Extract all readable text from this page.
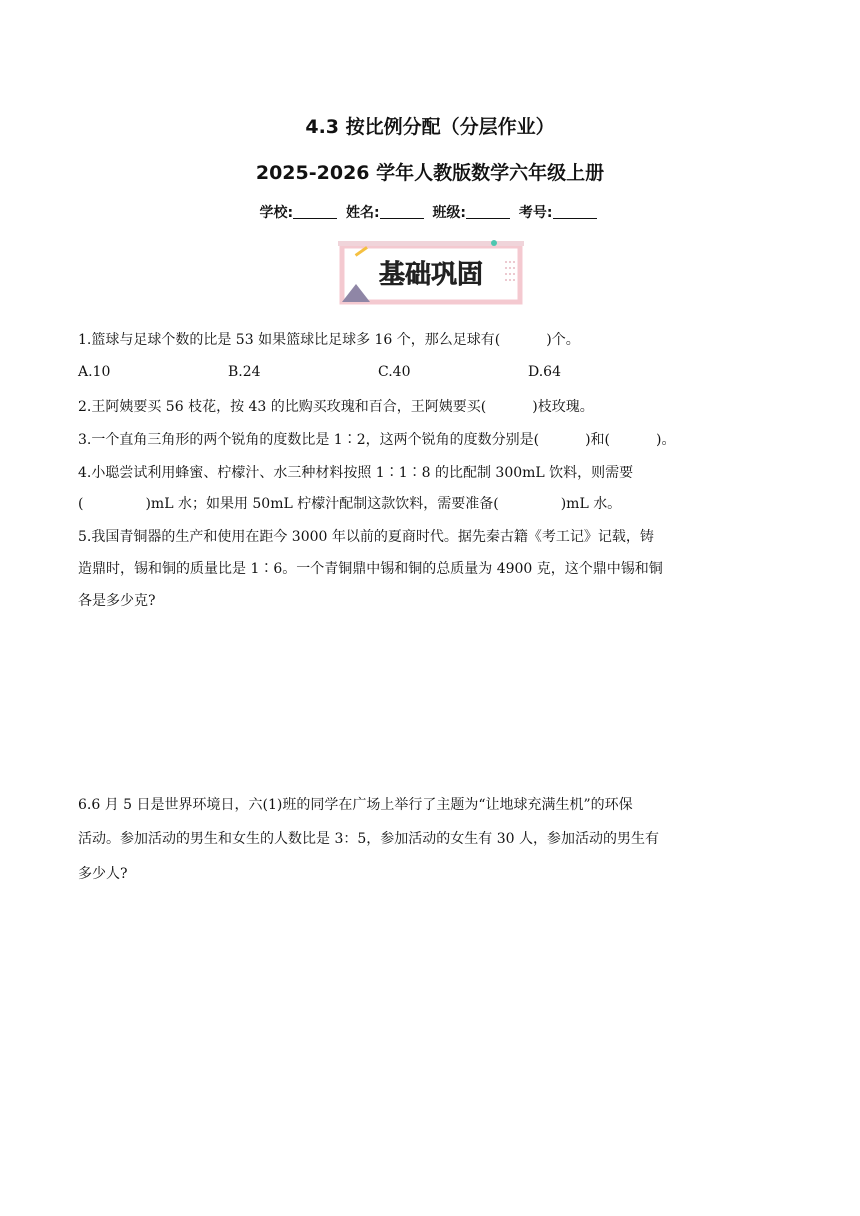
4.3 按比例分配（分层作业）
2025-2026 学年人教版数学六年级上册
学校:	姓名:	班级:	考号:
基础巩固
1.篮球与足球个数的比是 53 如果篮球比足球多 16 个，那么足球有(	)个。
A.10	B.24	C.40	D.64
2.王阿姨要买 56 枝花，按 43 的比购买玫瑰和百合，王阿姨要买(	)枝玫瑰。
3.一个直角三角形的两个锐角的度数比是 1∶2，这两个锐角的度数分别是(	)和(	)。
4.小聪尝试利用蜂蜜、柠檬汁、水三种材料按照 1∶1∶8 的比配制 300mL 饮料，则需要
(	)mL 水；如果用 50mL 柠檬汁配制这款饮料，需要准备(	)mL 水。
5.我国青铜器的生产和使用在距今 3000 年以前的夏商时代。据先秦古籍《考工记》记载，铸
造鼎时，锡和铜的质量比是 1∶6。一个青铜鼎中锡和铜的总质量为 4900 克，这个鼎中锡和铜
各是多少克?
6.6 月 5 日是世界环境日，六(1)班的同学在广场上举行了主题为“让地球充满生机”的环保
活动。参加活动的男生和女生的人数比是 3：5，参加活动的女生有 30 人，参加活动的男生有
多少人?
